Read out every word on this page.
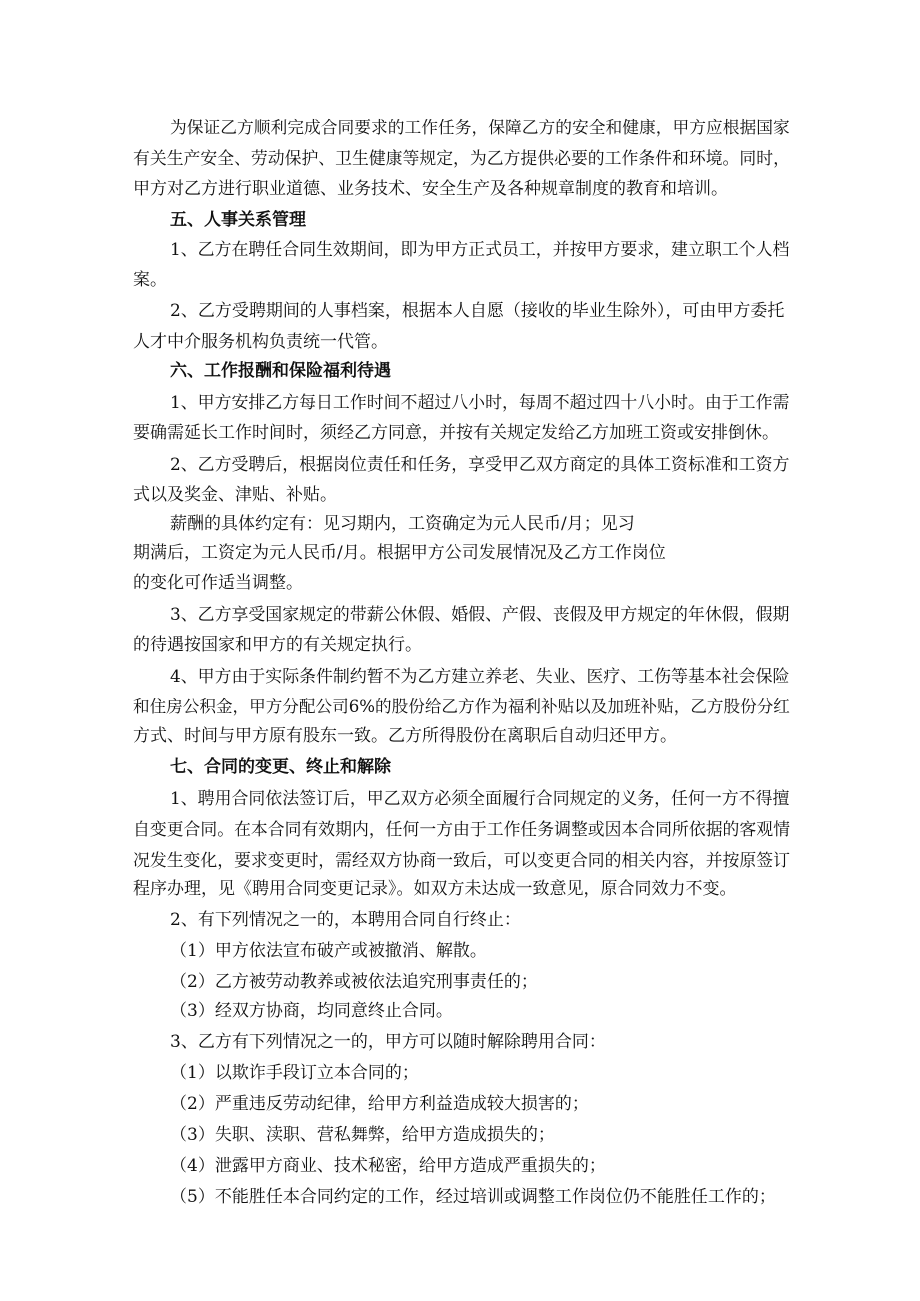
为保证乙方顺利完成合同要求的工作任务，保障乙方的安全和健康，甲方应根据国家
有关生产安全、劳动保护、卫生健康等规定，为乙方提供必要的工作条件和环境。同时，
甲方对乙方进行职业道德、业务技术、安全生产及各种规章制度的教育和培训。
五、人事关系管理
1、乙方在聘任合同生效期间，即为甲方正式员工，并按甲方要求，建立职工个人档
案。
2、乙方受聘期间的人事档案，根据本人自愿（接收的毕业生除外），可由甲方委托
人才中介服务机构负责统一代管。
六、工作报酬和保险福利待遇
1、甲方安排乙方每日工作时间不超过八小时，每周不超过四十八小时。由于工作需
要确需延长工作时间时，须经乙方同意，并按有关规定发给乙方加班工资或安排倒休。
2、乙方受聘后，根据岗位责任和任务，享受甲乙双方商定的具体工资标准和工资方
式以及奖金、津贴、补贴。
薪酬的具体约定有：见习期内，工资确定为元人民币/月；见习
期满后，工资定为元人民币/月。根据甲方公司发展情况及乙方工作岗位
的变化可作适当调整。
3、乙方享受国家规定的带薪公休假、婚假、产假、丧假及甲方规定的年休假，假期
的待遇按国家和甲方的有关规定执行。
4、甲方由于实际条件制约暂不为乙方建立养老、失业、医疗、工伤等基本社会保险
和住房公积金，甲方分配公司6%的股份给乙方作为福利补贴以及加班补贴，乙方股份分红
方式、时间与甲方原有股东一致。乙方所得股份在离职后自动归还甲方。
七、合同的变更、终止和解除
1、聘用合同依法签订后，甲乙双方必须全面履行合同规定的义务，任何一方不得擅
自变更合同。在本合同有效期内，任何一方由于工作任务调整或因本合同所依据的客观情
况发生变化，要求变更时，需经双方协商一致后，可以变更合同的相关内容，并按原签订
程序办理，见《聘用合同变更记录》。如双方未达成一致意见，原合同效力不变。
2、有下列情况之一的，本聘用合同自行终止：
（1）甲方依法宣布破产或被撤消、解散。
（2）乙方被劳动教养或被依法追究刑事责任的；
（3）经双方协商，均同意终止合同。
3、乙方有下列情况之一的，甲方可以随时解除聘用合同：
（1）以欺诈手段订立本合同的；
（2）严重违反劳动纪律，给甲方利益造成较大损害的；
（3）失职、渎职、营私舞弊，给甲方造成损失的；
（4）泄露甲方商业、技术秘密，给甲方造成严重损失的；
（5）不能胜任本合同约定的工作，经过培训或调整工作岗位仍不能胜任工作的；
